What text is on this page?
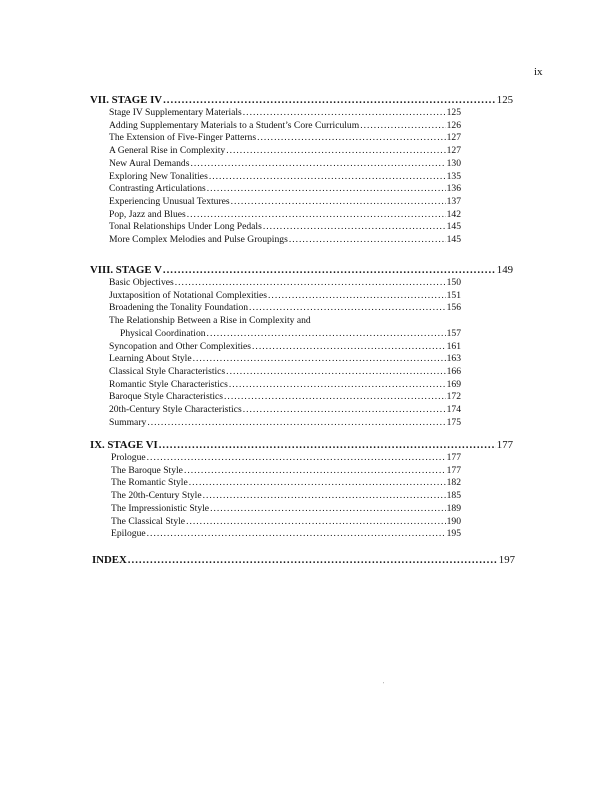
ix
VII. STAGE IV .....	125
Stage IV Supplementary Materials .....	125
Adding Supplementary Materials to a Student’s Core Curriculum .....	126
The Extension of Five-Finger Patterns .....	127
A General Rise in Complexity .....	127
New Aural Demands .....	130
Exploring New Tonalities .....	135
Contrasting Articulations .....	136
Experiencing Unusual Textures .....	137
Pop, Jazz and Blues .....	142
Tonal Relationships Under Long Pedals .....	145
More Complex Melodies and Pulse Groupings .....	145
VIII. STAGE V .....	149
Basic Objectives .....	150
Juxtaposition of Notational Complexities .....	151
Broadening the Tonality Foundation .....	156
The Relationship Between a Rise in Complexity and
Physical Coordination .....	157
Syncopation and Other Complexities .....	161
Learning About Style .....	163
Classical Style Characteristics .....	166
Romantic Style Characteristics .....	169
Baroque Style Characteristics .....	172
20th-Century Style Characteristics .....	174
Summary .....	175
IX. STAGE VI .....	177
Prologue .....	177
The Baroque Style .....	177
The Romantic Style .....	182
The 20th-Century Style .....	185
The Impressionistic Style .....	189
The Classical Style .....	190
Epilogue .....	195
INDEX .....	197
'
